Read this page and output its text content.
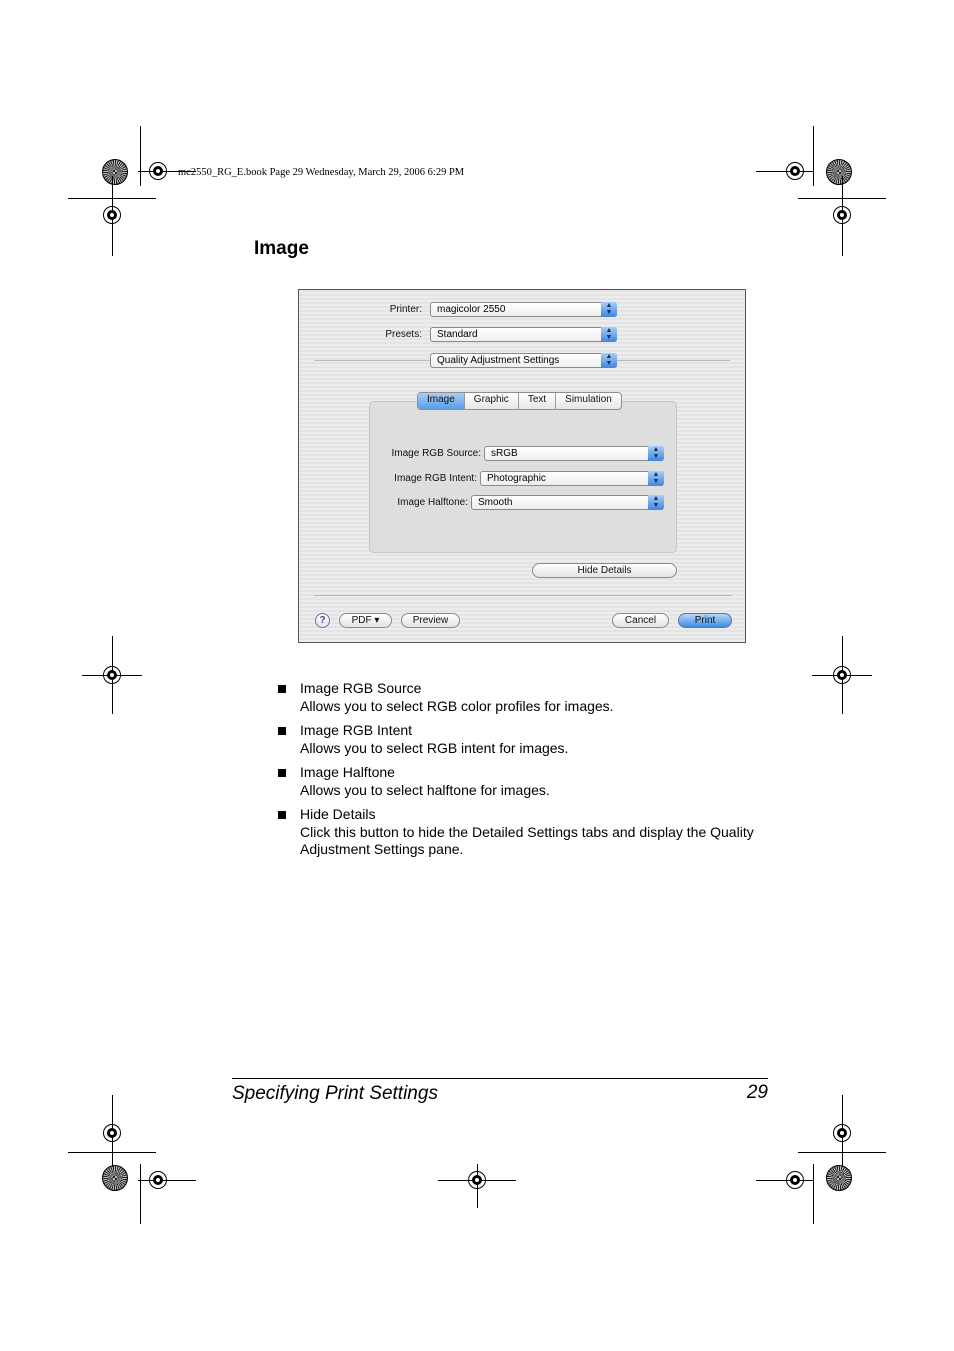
mc2550_RG_E.book Page 29 Wednesday, March 29, 2006 6:29 PM
Image
Printer:	magicolor 2550	▲
▼
Presets:	Standard	▲
▼
Quality Adjustment Settings	▲
▼
Image	Graphic	Text	Simulation
Image RGB Source:	sRGB	▲
▼
Image RGB Intent:	Photographic	▲
▼
Image Halftone:	Smooth	▲
▼
Hide Details
?	PDF ▾	Preview	Cancel	Print
Image RGB Source
Allows you to select RGB color profiles for images.
Image RGB Intent
Allows you to select RGB intent for images.
Image Halftone
Allows you to select halftone for images.
Hide Details
Click this button to hide the Detailed Settings tabs and display the Quality Adjustment Settings pane.
Specifying Print Settings	29
